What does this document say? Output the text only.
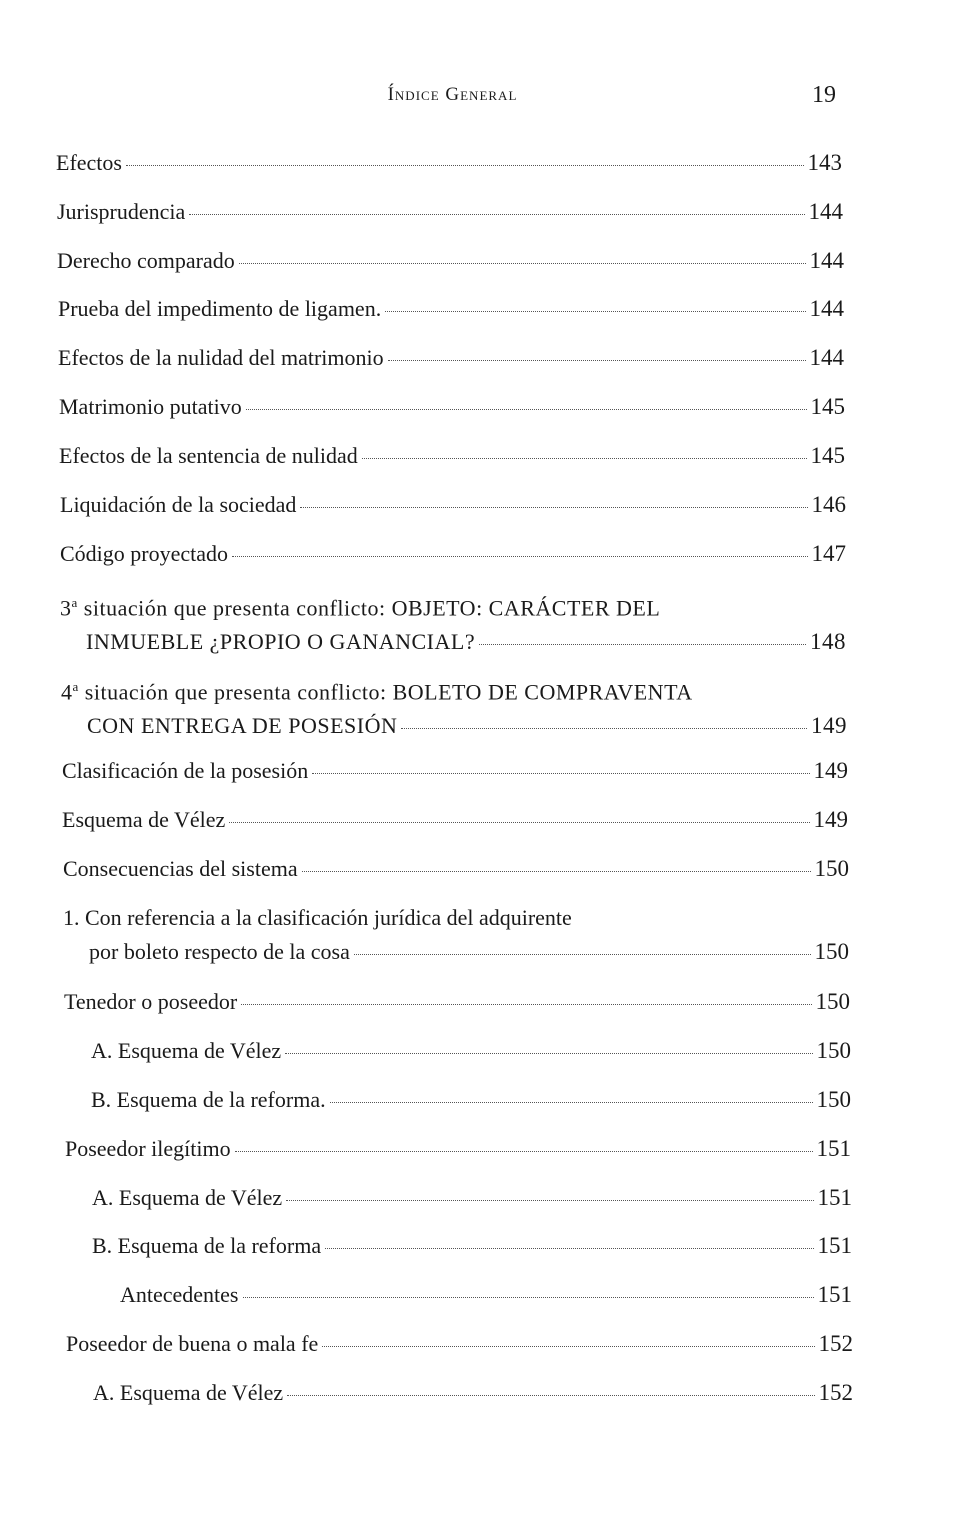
Índice General	19
Efectos	143
Jurisprudencia	144
Derecho comparado	144
Prueba del impedimento de ligamen.	144
Efectos de la nulidad del matrimonio	144
Matrimonio putativo	145
Efectos de la sentencia de nulidad	145
Liquidación de la sociedad	146
Código proyectado	147
3$^a$ situación que presenta conflicto: OBJETO: CARÁCTER DEL
INMUEBLE ¿PROPIO O GANANCIAL?	148
4$^a$ situación que presenta conflicto: BOLETO DE COMPRAVENTA
CON ENTREGA DE POSESIÓN	149
Clasificación de la posesión	149
Esquema de Vélez	149
Consecuencias del sistema	150
1. Con referencia a la clasificación jurídica del adquirente
por boleto respecto de la cosa	150
Tenedor o poseedor	150
A. Esquema de Vélez	150
B. Esquema de la reforma.	150
Poseedor ilegítimo	151
A. Esquema de Vélez	151
B. Esquema de la reforma	151
Antecedentes	151
Poseedor de buena o mala fe	152
A. Esquema de Vélez	152
